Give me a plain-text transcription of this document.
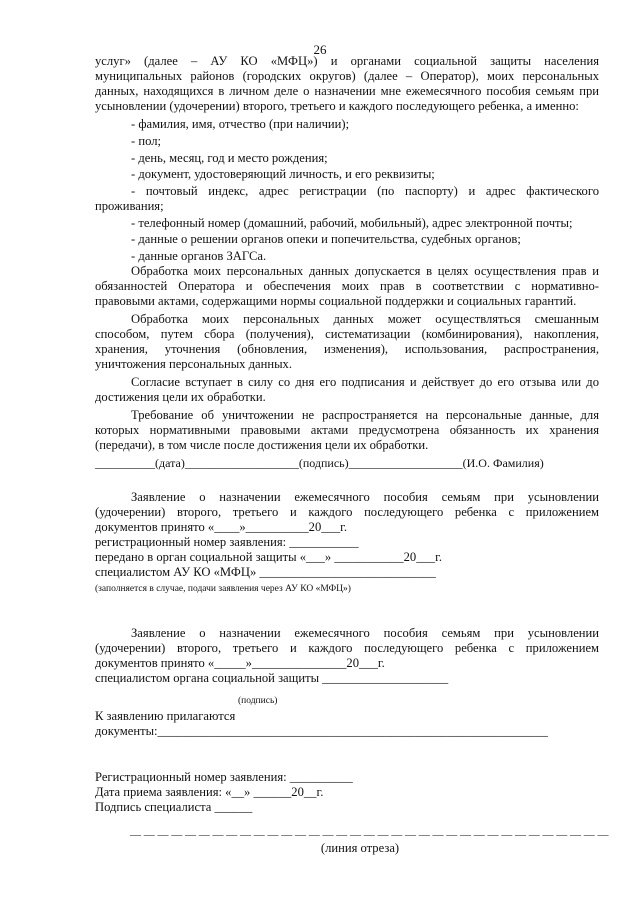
26
услуг» (далее – АУ КО «МФЦ») и органами социальной защиты населения
муниципальных районов (городских округов) (далее – Оператор), моих персональных
данных, находящихся в личном деле о назначении мне ежемесячного пособия семьям при
усыновлении (удочерении) второго, третьего и каждого последующего ребенка, а именно:
- фамилия, имя, отчество (при наличии);
- пол;
- день, месяц, год и место рождения;
- документ, удостоверяющий личность, и его реквизиты;
- почтовый индекс, адрес регистрации (по паспорту) и адрес фактического
проживания;
- телефонный номер (домашний, рабочий, мобильный), адрес электронной почты;
- данные о решении органов опеки и попечительства, судебных органов;
- данные органов ЗАГСа.
Обработка моих персональных данных допускается в целях осуществления прав и
обязанностей Оператора и обеспечения моих прав в соответствии с нормативно-
правовыми актами, содержащими нормы социальной поддержки и социальных гарантий.
Обработка моих персональных данных может осуществляться смешанным
способом, путем сбора (получения), систематизации (комбинирования), накопления,
хранения, уточнения (обновления, изменения), использования, распространения,
уничтожения персональных данных.
Согласие вступает в силу со дня его подписания и действует до его отзыва или до
достижения цели их обработки.
Требование об уничтожении не распространяется на персональные данные, для
которых нормативными правовыми актами предусмотрена обязанность их хранения
(передачи), в том числе после достижения цели их обработки.
__________(дата)___________________(подпись)___________________(И.О. Фамилия)
Заявление о назначении ежемесячного пособия семьям при усыновлении
(удочерении) второго, третьего и каждого последующего ребенка с приложением
документов принято «____»__________20___г.
регистрационный номер заявления: ___________
передано в орган социальной защиты «___» ___________20___г.
специалистом АУ КО «МФЦ» ____________________________
(заполняется в случае, подачи заявления через АУ КО «МФЦ»)
Заявление о назначении ежемесячного пособия семьям при усыновлении
(удочерении) второго, третьего и каждого последующего ребенка с приложением
документов принято «_____»_______________20___г.
специалистом органа социальной защиты ____________________
(подпись)
К заявлению прилагаются
документы:______________________________________________________________
Регистрационный номер заявления: __________
Дата приема заявления: «__» ______20__г.
Подпись специалиста ______
— — — — — — — — — — — — — — — — — — — — — — — — — — — — — — — — — — —
(линия отреза)
